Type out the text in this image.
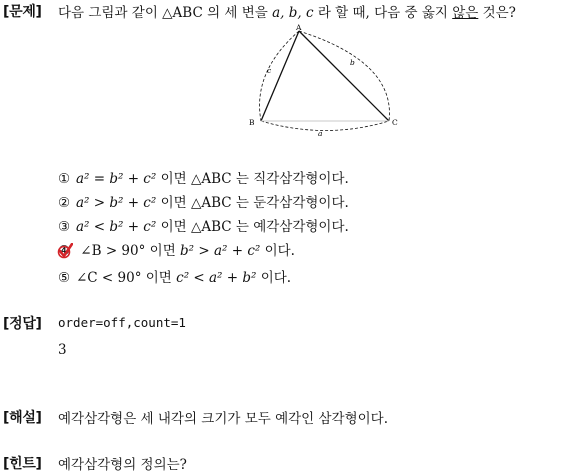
[문제] 다음 그림과 같이 △ABC 의 세 변을 a, b, c 라 할 때, 다음 중 옳지 않은 것은?
A
B	C
c
b
a
① a² = b² + c² 이면 △ABC 는 직각삼각형이다.
② a² > b² + c² 이면 △ABC 는 둔각삼각형이다.
③ a² < b² + c² 이면 △ABC 는 예각삼각형이다.
④ ∠B > 90° 이면 b² > a² + c² 이다.
⑤ ∠C < 90° 이면 c² < a² + b² 이다.
[정답] order=off,count=1
3
[해설] 예각삼각형은 세 내각의 크기가 모두 예각인 삼각형이다.
[힌트] 예각삼각형의 정의는?
